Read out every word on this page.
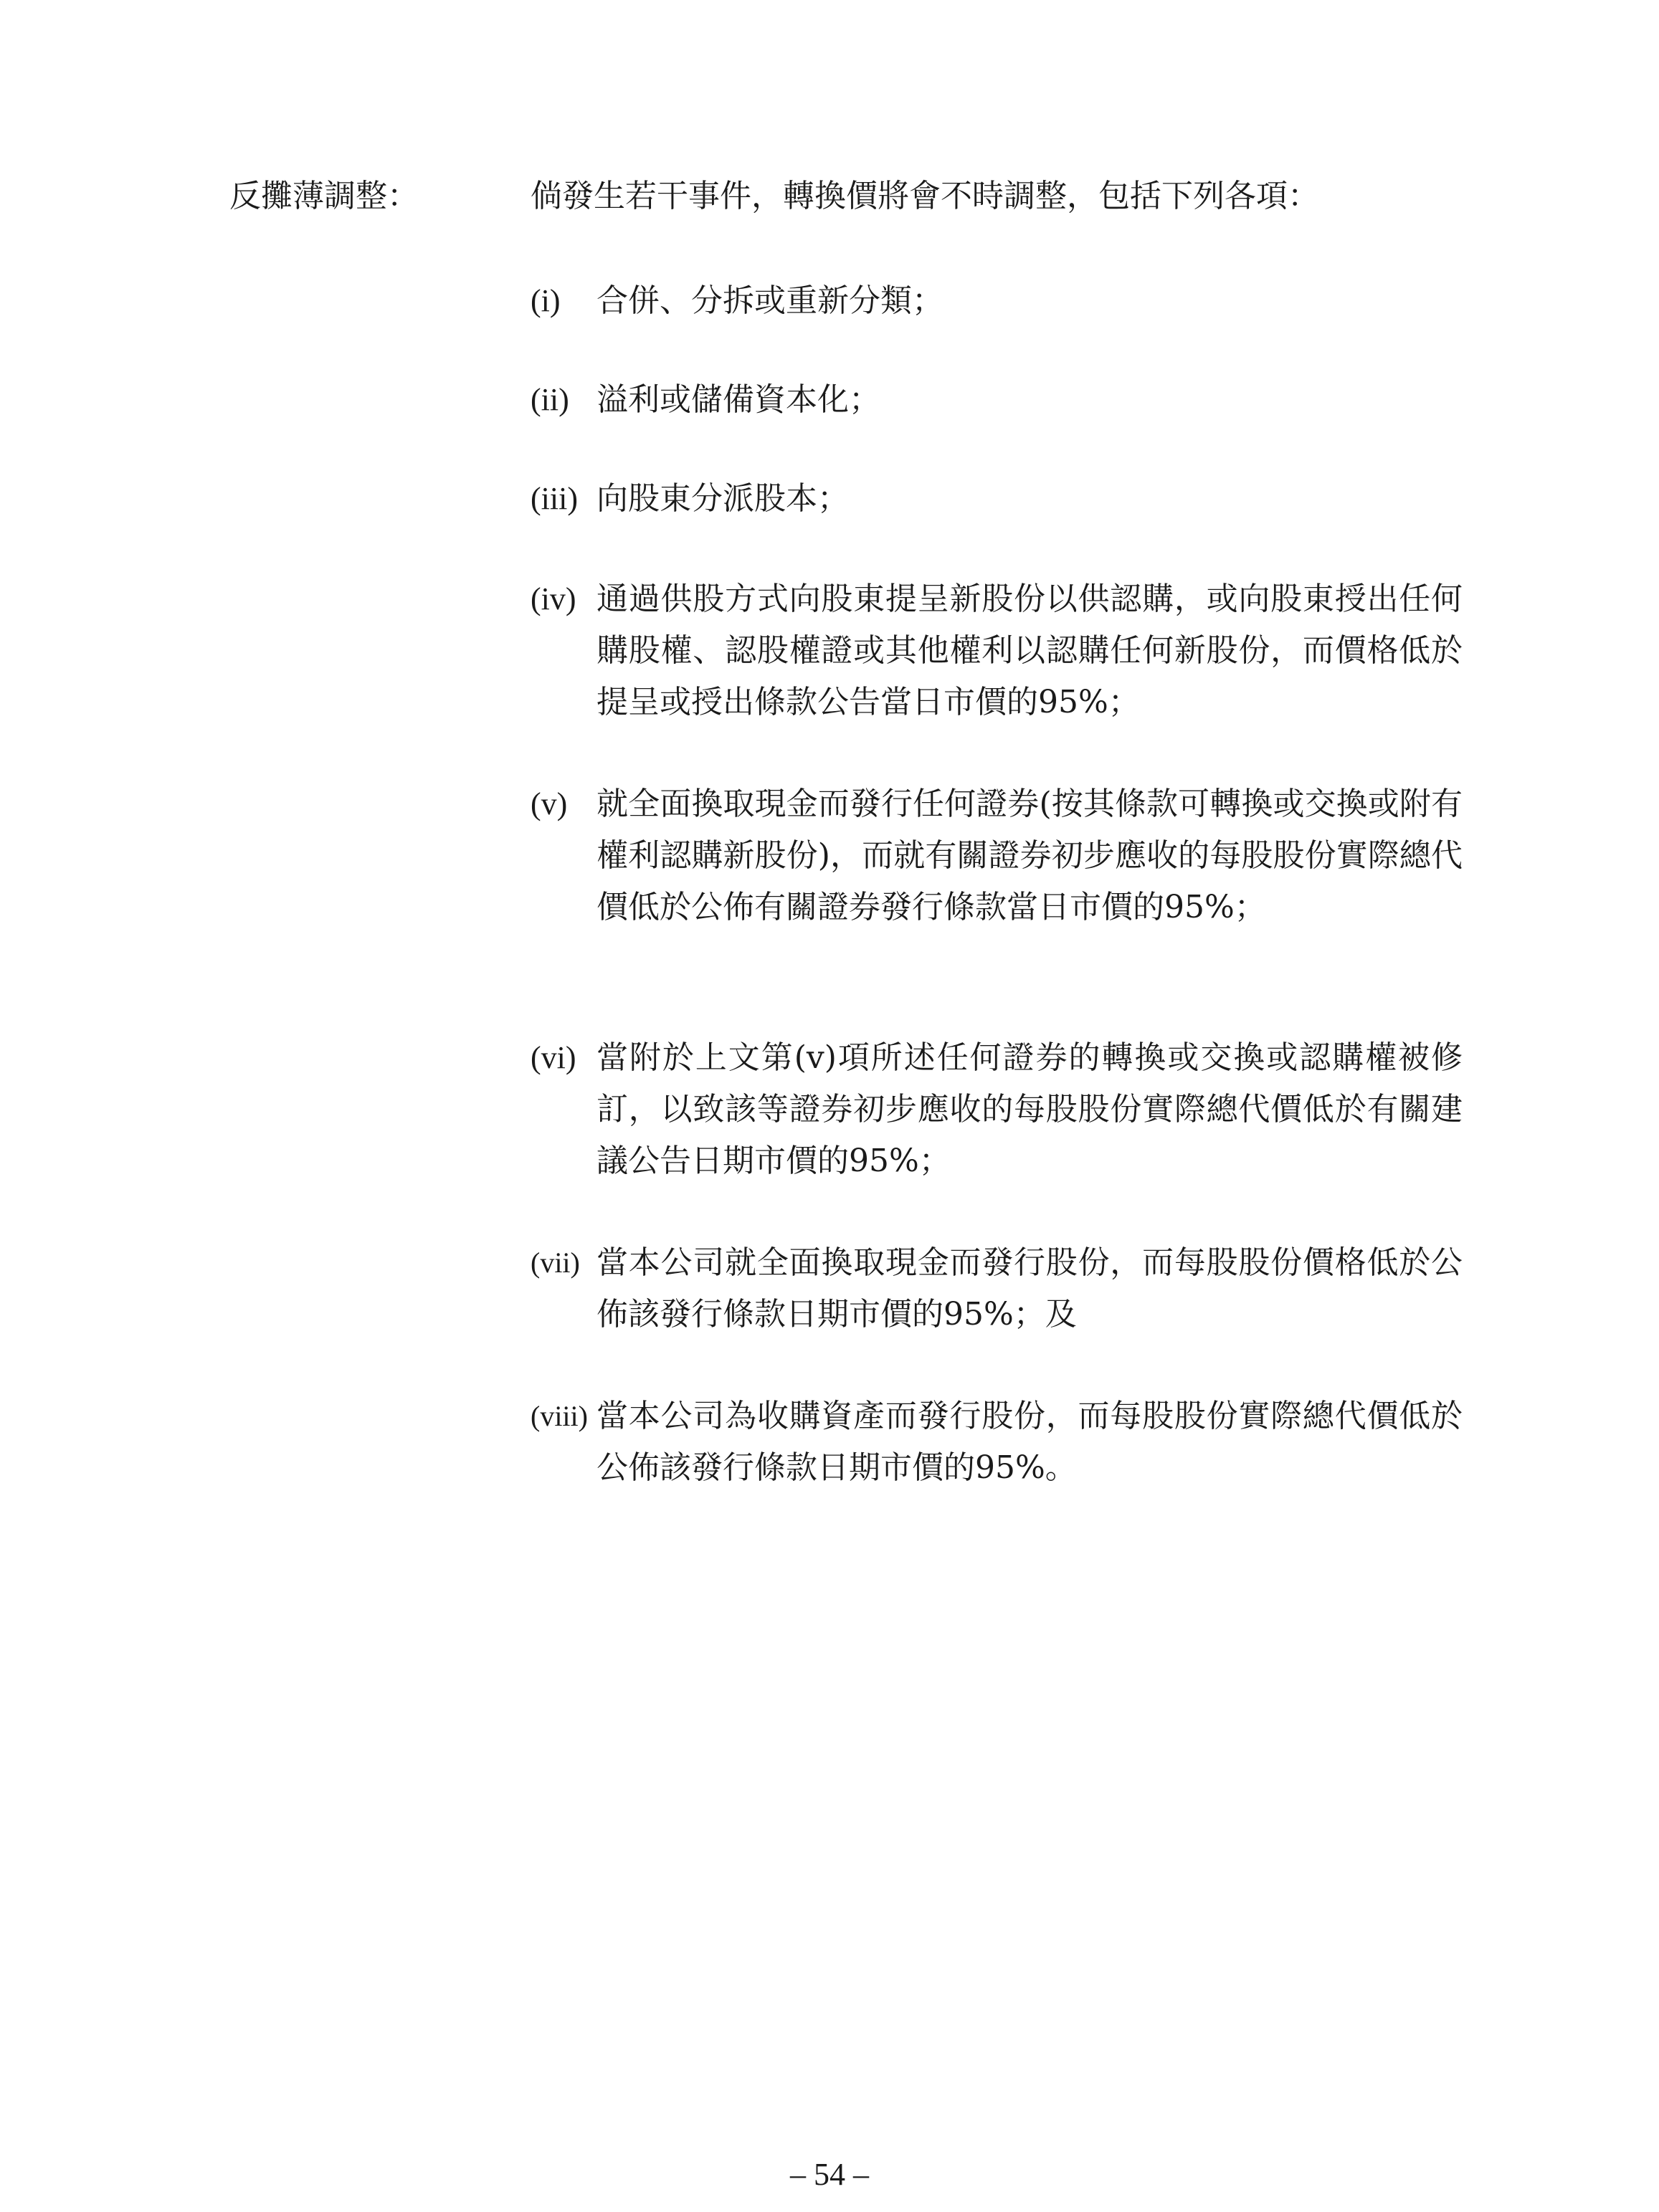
反攤薄調整：	倘發生若干事件，轉換價將會不時調整，包括下列各項：
(i) 合併、分拆或重新分類；
(ii) 溢利或儲備資本化；
(iii) 向股東分派股本；
(iv) 通過供股方式向股東提呈新股份以供認購，或向股東授出任何購股權、認股權證或其他權利以認購任何新股份，而價格低於提呈或授出條款公告當日市價的95%；
(v) 就全面換取現金而發行任何證券(按其條款可轉換或交換或附有權利認購新股份)，而就有關證券初步應收的每股股份實際總代價低於公佈有關證券發行條款當日市價的95%；
(vi) 當附於上文第(v)項所述任何證券的轉換或交換或認購權被修訂，以致該等證券初步應收的每股股份實際總代價低於有關建議公告日期市價的95%；
(vii) 當本公司就全面換取現金而發行股份，而每股股份價格低於公佈該發行條款日期市價的95%；及
(viii) 當本公司為收購資產而發行股份，而每股股份實際總代價低於公佈該發行條款日期市價的95%。
– 54 –
